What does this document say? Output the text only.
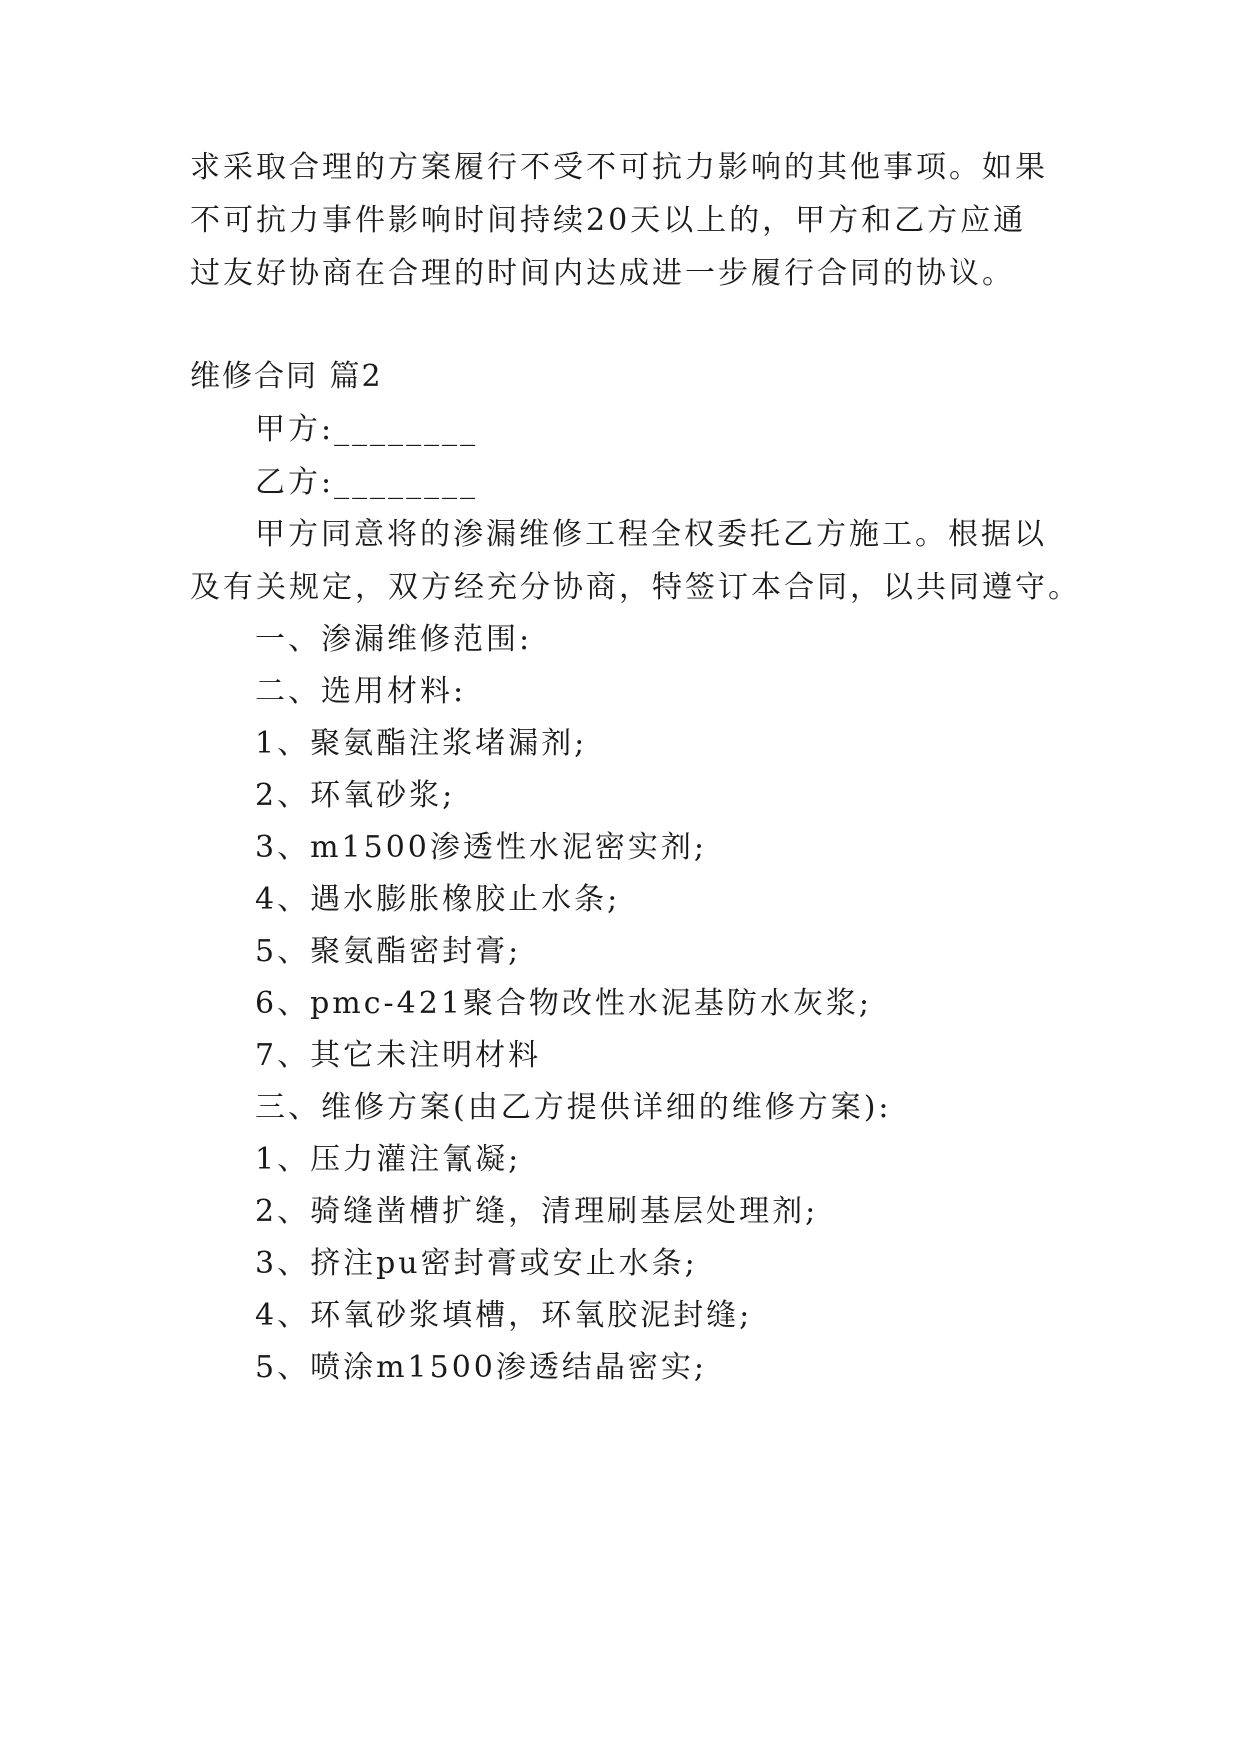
求采取合理的方案履行不受不可抗力影响的其他事项。如果
不可抗力事件影响时间持续20天以上的，甲方和乙方应通
过友好协商在合理的时间内达成进一步履行合同的协议。
维修合同 篇2
甲方:________
乙方:________
甲方同意将的渗漏维修工程全权委托乙方施工。根据以
及有关规定，双方经充分协商，特签订本合同，以共同遵守。
一、渗漏维修范围:
二、选用材料:
1、聚氨酯注浆堵漏剂;
2、环氧砂浆;
3、m1500渗透性水泥密实剂;
4、遇水膨胀橡胶止水条;
5、聚氨酯密封膏;
6、pmc-421聚合物改性水泥基防水灰浆;
7、其它未注明材料
三、维修方案(由乙方提供详细的维修方案):
1、压力灌注氰凝;
2、骑缝凿槽扩缝，清理刷基层处理剂;
3、挤注pu密封膏或安止水条;
4、环氧砂浆填槽，环氧胶泥封缝;
5、喷涂m1500渗透结晶密实;
